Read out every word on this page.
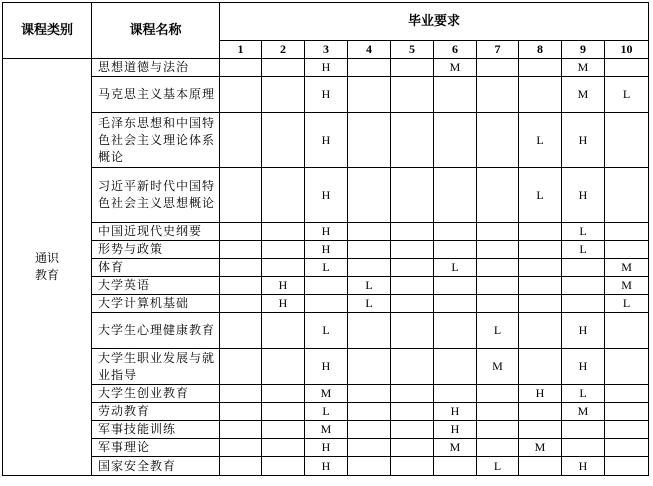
课程类别	课程名称	毕业要求									
		1	2	3	4	5	6	7	8	9	10

通识
教育	思想道德与法治			H			M			M	
	马克思主义基本原理			H						M	L
	毛泽东思想和中国特色社会主义理论体系概论			H					L	H	
	习近平新时代中国特色社会主义思想概论			H					L	H	
	中国近现代史纲要			H						L	
	形势与政策			H						L	
	体育			L			L				M
	大学英语		H		L						M
	大学计算机基础		H		L						L
	大学生心理健康教育			L				L		H	
	大学生职业发展与就业指导			H				M		H	
	大学生创业教育			M					H	L	
	劳动教育			L			H			M	
	军事技能训练			M			H				
	军事理论			H			M		M		
	国家安全教育			H				L		H	
